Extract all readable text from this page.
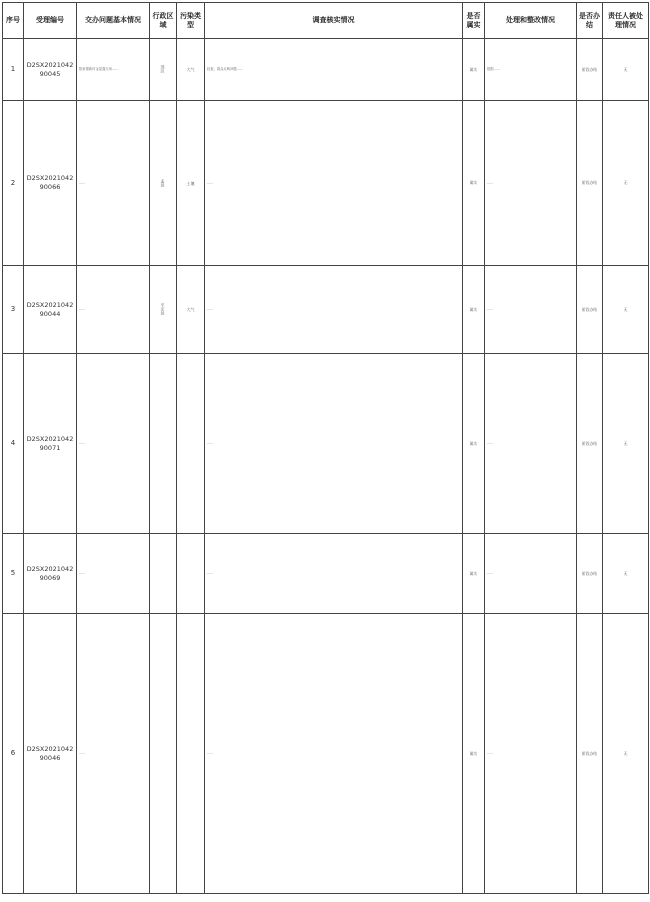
序号	受理编号	交办问题基本情况	行政区域	污染类型	调查核实情况	是否属实	处理和整改情况	是否办结	责任人被处理情况
1	D2SX202104290045	阳泉锦新村金星露天场……	郊区	大气	经查，群众反映问题……	属实	根据……	阶段办结	无
2	D2SX202104290066	……	孟县	土壤	……	属实	……	阶段办结	无
3	D2SX202104290044	……	平定县	大气	……	属实	……	阶段办结	无
4	D2SX202104290071	……			……	属实	……	阶段办结	无
5	D2SX202104290069	……			……	属实	……	阶段办结	无
6	D2SX202104290046	……			……	属实	……	阶段办结	无
